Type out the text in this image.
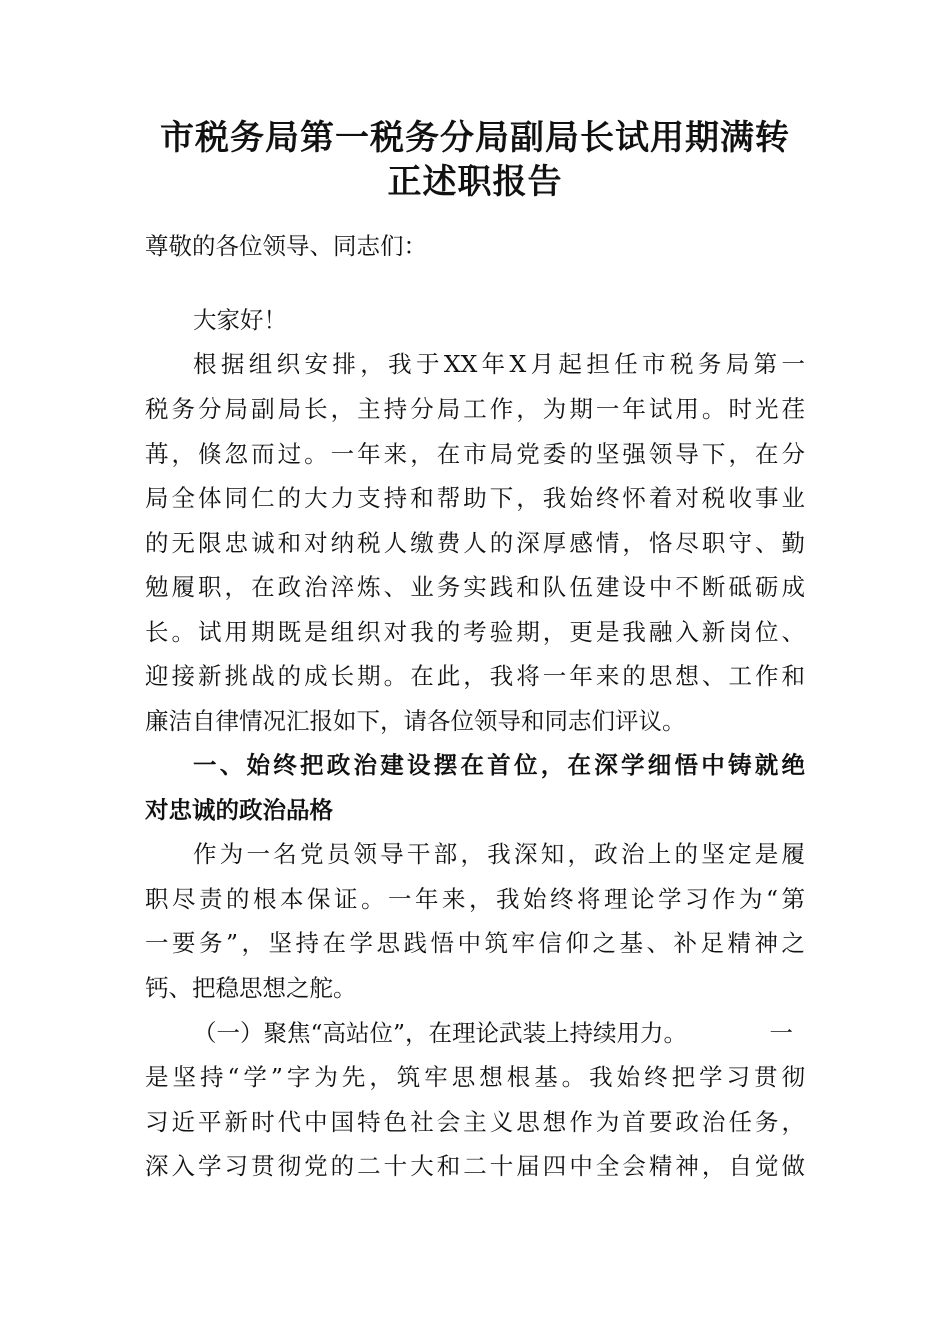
市税务局第一税务分局副局长试用期满转
正述职报告
尊敬的各位领导、同志们：
大家好！
根据组织安排，我于XX年X月起担任市税务局第一
税务分局副局长，主持分局工作，为期一年试用。时光荏
苒，倏忽而过。一年来，在市局党委的坚强领导下，在分
局全体同仁的大力支持和帮助下，我始终怀着对税收事业
的无限忠诚和对纳税人缴费人的深厚感情，恪尽职守、勤
勉履职，在政治淬炼、业务实践和队伍建设中不断砥砺成
长。试用期既是组织对我的考验期，更是我融入新岗位、
迎接新挑战的成长期。在此，我将一年来的思想、工作和
廉洁自律情况汇报如下，请各位领导和同志们评议。
一、始终把政治建设摆在首位，在深学细悟中铸就绝
对忠诚的政治品格
作为一名党员领导干部，我深知，政治上的坚定是履
职尽责的根本保证。一年来，我始终将理论学习作为“第
一要务”，坚持在学思践悟中筑牢信仰之基、补足精神之
钙、把稳思想之舵。
（一）聚焦“高站位”，在理论武装上持续用力。	一
是坚持“学”字为先，筑牢思想根基。我始终把学习贯彻
习近平新时代中国特色社会主义思想作为首要政治任务，
深入学习贯彻党的二十大和二十届四中全会精神，自觉做
